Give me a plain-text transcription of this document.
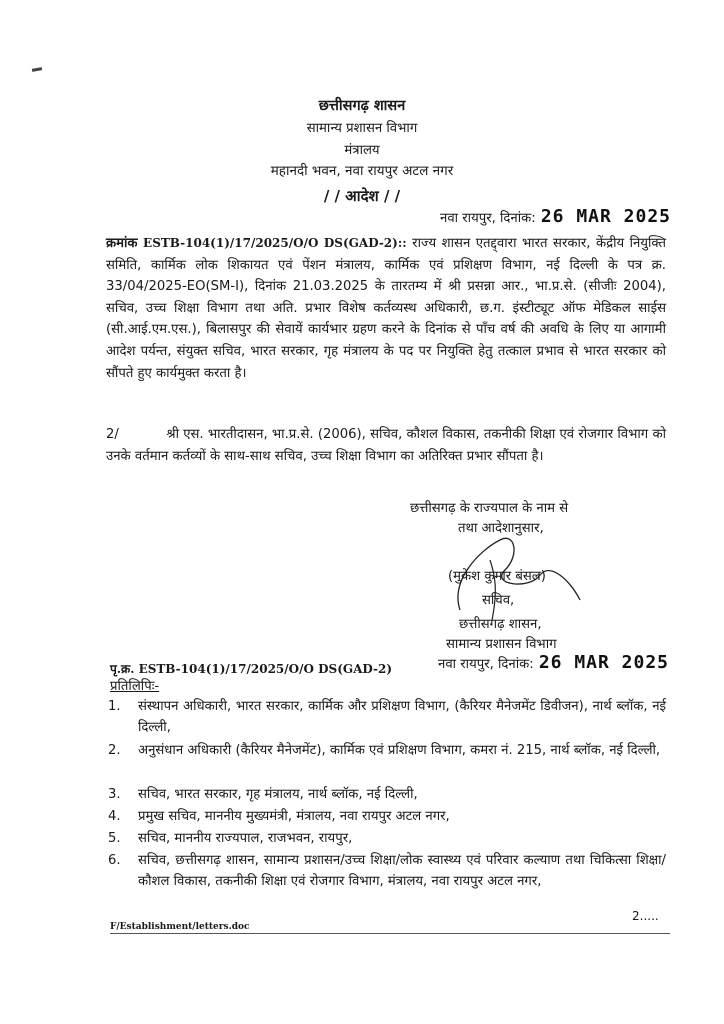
छत्तीसगढ़ शासन
सामान्य प्रशासन विभाग
मंत्रालय
महानदी भवन, नवा रायपुर अटल नगर
/ / आदेश / /
नवा रायपुर, दिनांक: 26 MAR 2025
क्रमांक ESTB-104(1)/17/2025/O/O DS(GAD-2):: राज्य शासन एतद्द्वारा भारत सरकार, केंद्रीय नियुक्ति समिति, कार्मिक लोक शिकायत एवं पेंशन मंत्रालय, कार्मिक एवं प्रशिक्षण विभाग, नई दिल्ली के पत्र क्र. 33/04/2025-EO(SM-I), दिनांक 21.03.2025 के तारतम्य में श्री प्रसन्ना आर., भा.प्र.से. (सीजीः 2004), सचिव, उच्च शिक्षा विभाग तथा अति. प्रभार विशेष कर्तव्यस्थ अधिकारी, छ.ग. इंस्टीट्यूट ऑफ मेडिकल साईस (सी.आई.एम.एस.), बिलासपुर की सेवायें कार्यभार ग्रहण करने के दिनांक से पाँच वर्ष की अवधि के लिए या आगामी आदेश पर्यन्त, संयुक्त सचिव, भारत सरकार, गृह मंत्रालय के पद पर नियुक्ति हेतु तत्काल प्रभाव से भारत सरकार को सौंपते हुए कार्यमुक्त करता है।
2/	श्री एस. भारतीदासन, भा.प्र.से. (2006), सचिव, कौशल विकास, तकनीकी शिक्षा एवं रोजगार विभाग को उनके वर्तमान कर्तव्यों के साथ-साथ सचिव, उच्च शिक्षा विभाग का अतिरिक्त प्रभार सौंपता है।
छत्तीसगढ़ के राज्यपाल के नाम से
तथा आदेशानुसार,
(मुकेश कुमार बंसल)
सचिव,
छत्तीसगढ़ शासन,
सामान्य प्रशासन विभाग
पृ.क्र. ESTB-104(1)/17/2025/O/O DS(GAD-2)	नवा रायपुर, दिनांक: 26 MAR 2025
प्रतिलिपिः-
1. संस्थापन अधिकारी, भारत सरकार, कार्मिक और प्रशिक्षण विभाग, (कैरियर मैनेजमेंट डिवीजन), नार्थ ब्लॉक, नई दिल्ली,
2. अनुसंधान अधिकारी (कैरियर मैनेजमेंट), कार्मिक एवं प्रशिक्षण विभाग, कमरा नं. 215, नार्थ ब्लॉक, नई दिल्ली,
3. सचिव, भारत सरकार, गृह मंत्रालय, नार्थ ब्लॉक, नई दिल्ली,
4. प्रमुख सचिव, माननीय मुख्यमंत्री, मंत्रालय, नवा रायपुर अटल नगर,
5. सचिव, माननीय राज्यपाल, राजभवन, रायपुर,
6. सचिव, छत्तीसगढ़ शासन, सामान्य प्रशासन/उच्च शिक्षा/लोक स्वास्थ्य एवं परिवार कल्याण तथा चिकित्सा शिक्षा/कौशल विकास, तकनीकी शिक्षा एवं रोजगार विभाग, मंत्रालय, नवा रायपुर अटल नगर,
2.....
F/Establishment/letters.doc
